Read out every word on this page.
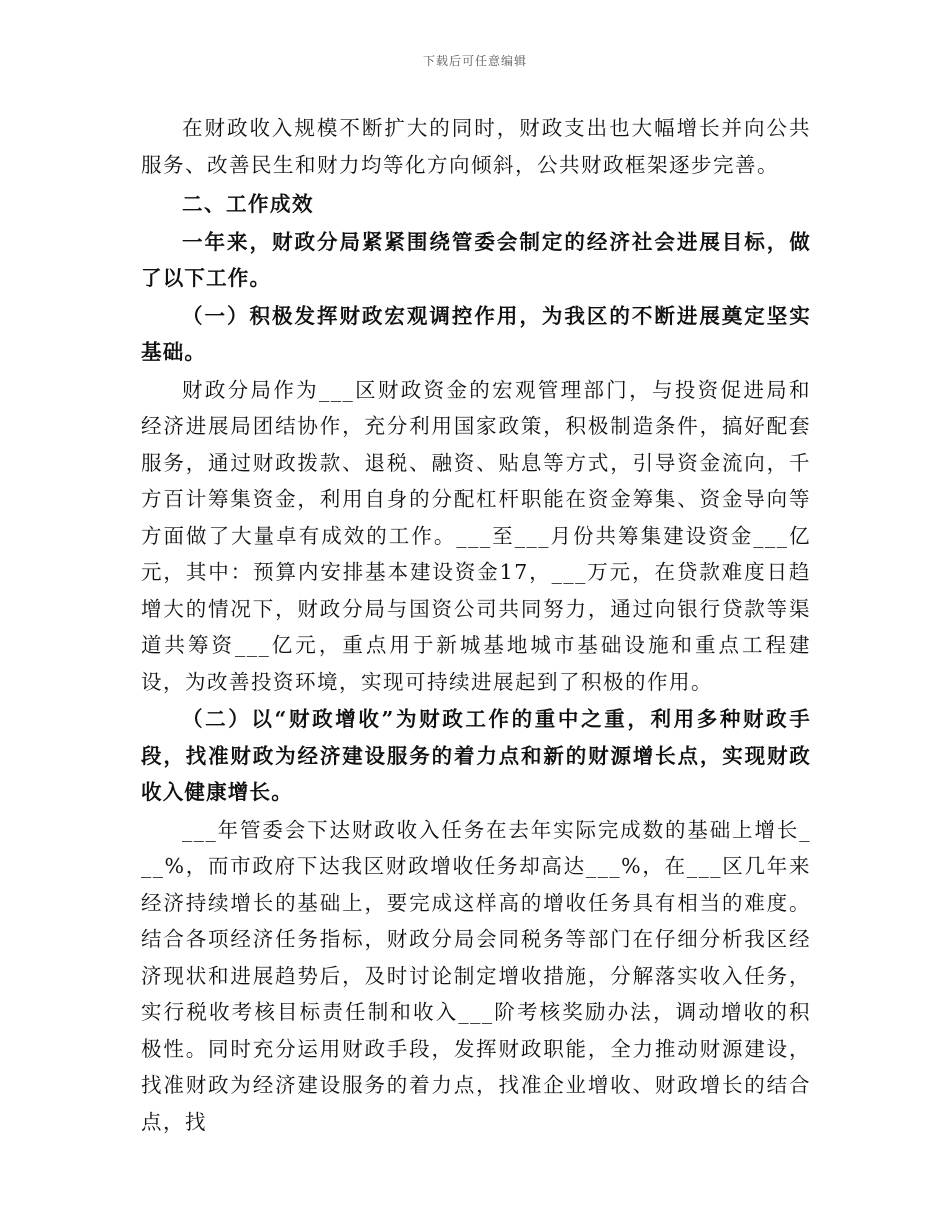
下载后可任意编辑

在财政收入规模不断扩大的同时，财政支出也大幅增长并向公共服务、改善民生和财力均等化方向倾斜，公共财政框架逐步完善。

二、工作成效

一年来，财政分局紧紧围绕管委会制定的经济社会进展目标，做了以下工作。

（一）积极发挥财政宏观调控作用，为我区的不断进展奠定坚实基础。

财政分局作为___区财政资金的宏观管理部门，与投资促进局和经济进展局团结协作，充分利用国家政策，积极制造条件，搞好配套服务，通过财政拨款、退税、融资、贴息等方式，引导资金流向，千方百计筹集资金，利用自身的分配杠杆职能在资金筹集、资金导向等方面做了大量卓有成效的工作。___至___月份共筹集建设资金___亿元，其中：预算内安排基本建设资金17，___万元，在贷款难度日趋增大的情况下，财政分局与国资公司共同努力，通过向银行贷款等渠道共筹资___亿元，重点用于新城基地城市基础设施和重点工程建设，为改善投资环境，实现可持续进展起到了积极的作用。

（二）以“财政增收”为财政工作的重中之重，利用多种财政手段，找准财政为经济建设服务的着力点和新的财源增长点，实现财政收入健康增长。

___年管委会下达财政收入任务在去年实际完成数的基础上增长___%，而市政府下达我区财政增收任务却高达___%，在___区几年来经济持续增长的基础上，要完成这样高的增收任务具有相当的难度。结合各项经济任务指标，财政分局会同税务等部门在仔细分析我区经济现状和进展趋势后，及时讨论制定增收措施，分解落实收入任务，实行税收考核目标责任制和收入___阶考核奖励办法，调动增收的积极性。同时充分运用财政手段，发挥财政职能，全力推动财源建设，找准财政为经济建设服务的着力点，找准企业增收、财政增长的结合点，找
